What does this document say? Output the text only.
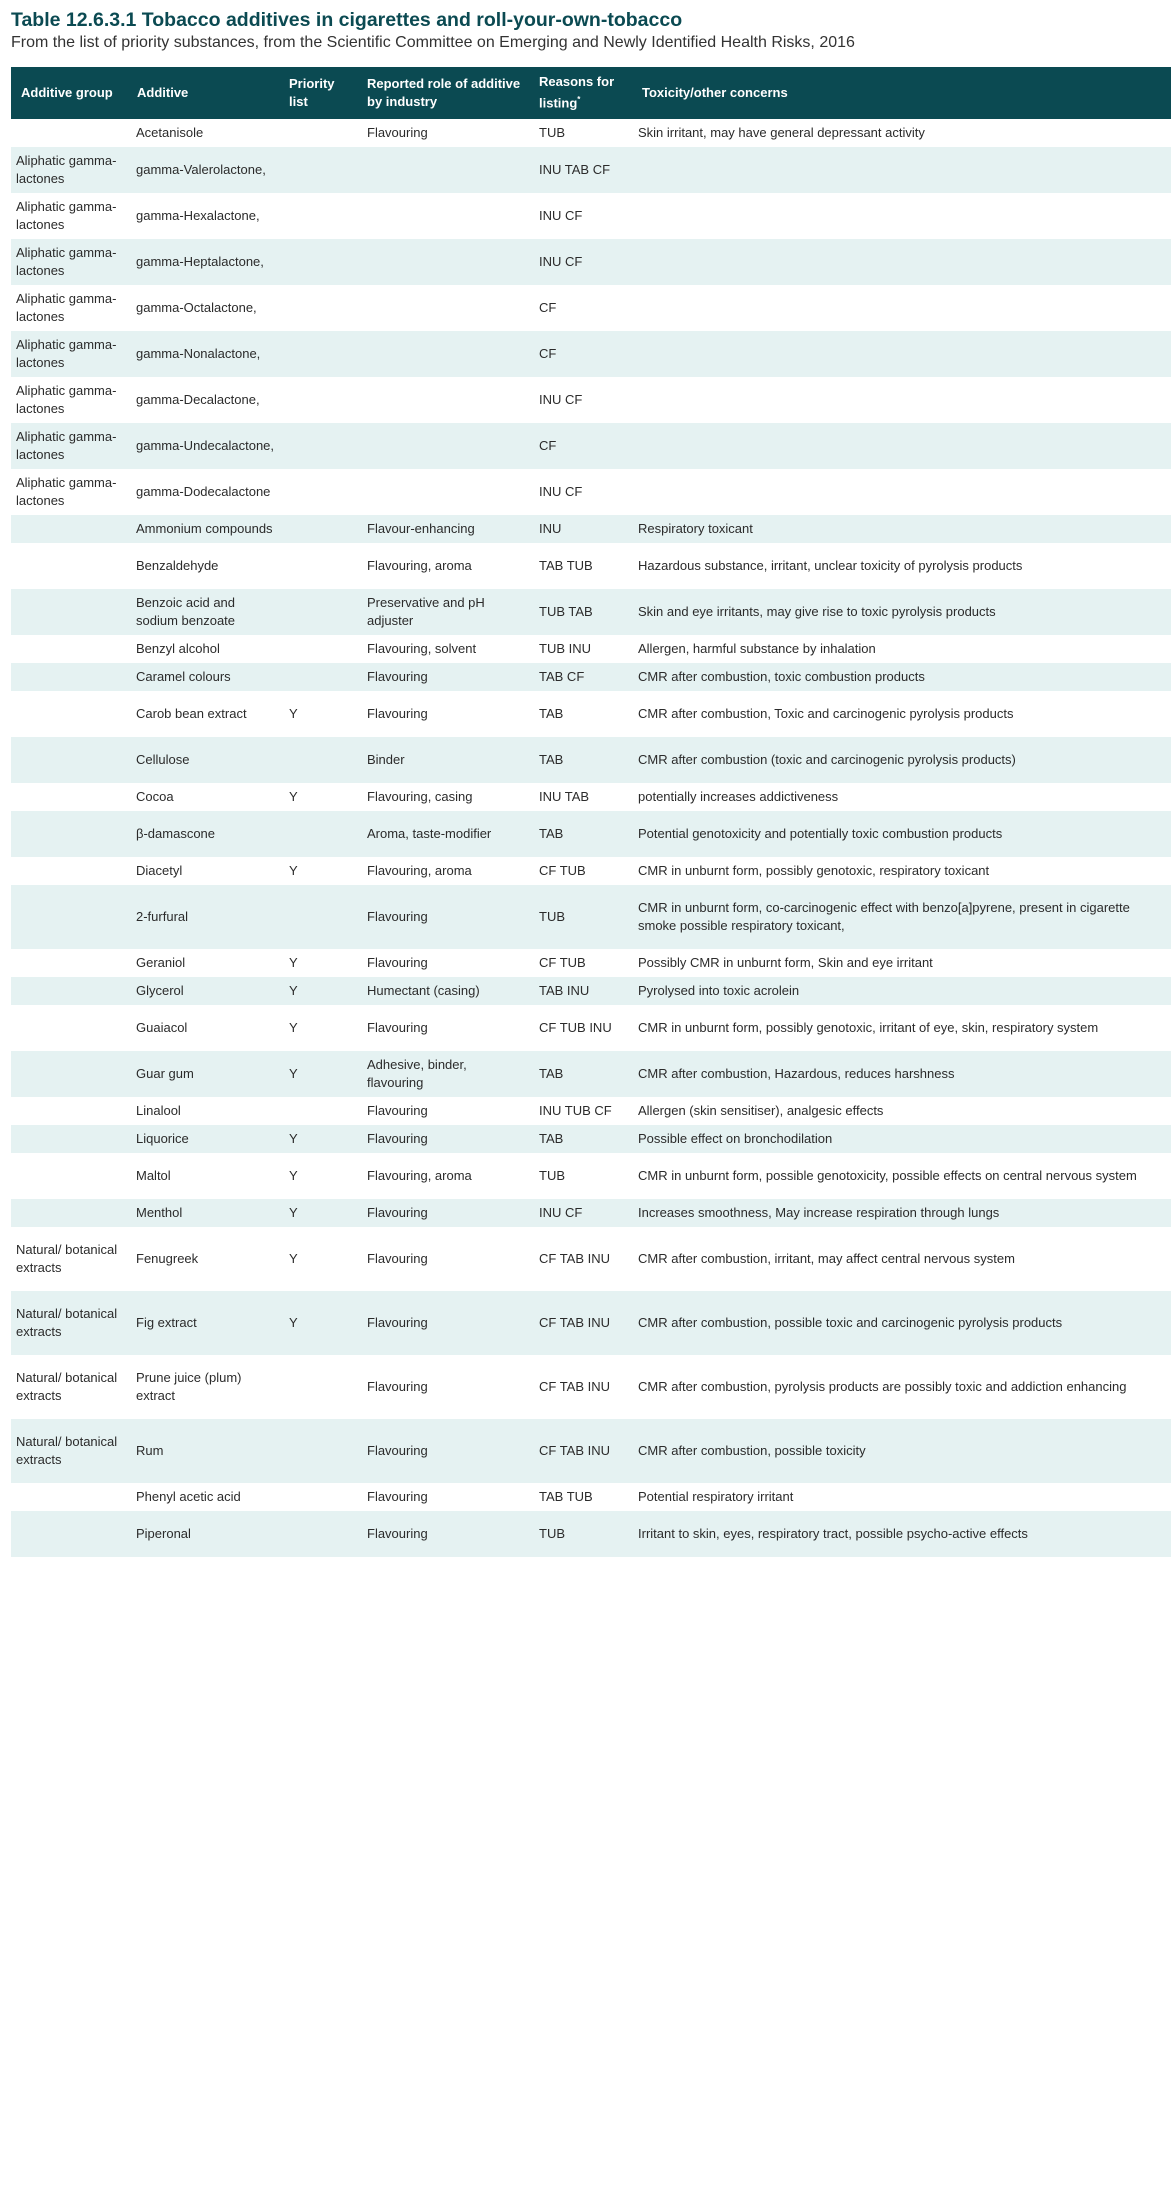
Table 12.6.3.1 Tobacco additives in cigarettes and roll-your-own-tobacco

From the list of priority substances, from the Scientific Committee on Emerging and Newly Identified Health Risks, 2016

Additive group	Additive	Priority list	Reported role of additive by industry	Reasons for listing*	Toxicity/other concerns
	Acetanisole		Flavouring	TUB	Skin irritant, may have general depressant activity
Aliphatic gamma-lactones	gamma-Valerolactone,			INU TAB CF	
Aliphatic gamma-lactones	gamma-Hexalactone,			INU CF	
Aliphatic gamma-lactones	gamma-Heptalactone,			INU CF	
Aliphatic gamma-lactones	gamma-Octalactone,			CF	
Aliphatic gamma-lactones	gamma-Nonalactone,			CF	
Aliphatic gamma-lactones	gamma-Decalactone,			INU CF	
Aliphatic gamma-lactones	gamma-Undecalactone,			CF	
Aliphatic gamma-lactones	gamma-Dodecalactone			INU CF	
	Ammonium compounds		Flavour-enhancing	INU	Respiratory toxicant
	Benzaldehyde		Flavouring, aroma	TAB TUB	Hazardous substance, irritant, unclear toxicity of pyrolysis products
	Benzoic acid and sodium benzoate		Preservative and pH adjuster	TUB TAB	Skin and eye irritants, may give rise to toxic pyrolysis products
	Benzyl alcohol		Flavouring, solvent	TUB INU	Allergen, harmful substance by inhalation
	Caramel colours		Flavouring	TAB CF	CMR after combustion, toxic combustion products
	Carob bean extract	Y	Flavouring	TAB	CMR after combustion, Toxic and carcinogenic pyrolysis products
	Cellulose		Binder	TAB	CMR after combustion (toxic and carcinogenic pyrolysis products)
	Cocoa	Y	Flavouring, casing	INU TAB	potentially increases addictiveness
	β-damascone		Aroma, taste-modifier	TAB	Potential genotoxicity and potentially toxic combustion products
	Diacetyl	Y	Flavouring, aroma	CF TUB	CMR in unburnt form, possibly genotoxic, respiratory toxicant
	2-furfural		Flavouring	TUB	CMR in unburnt form, co-carcinogenic effect with benzo[a]pyrene, present in cigarette smoke possible respiratory toxicant,
	Geraniol	Y	Flavouring	CF TUB	Possibly CMR in unburnt form, Skin and eye irritant
	Glycerol	Y	Humectant (casing)	TAB INU	Pyrolysed into toxic acrolein
	Guaiacol	Y	Flavouring	CF TUB INU	CMR in unburnt form, possibly genotoxic, irritant of eye, skin, respiratory system
	Guar gum	Y	Adhesive, binder, flavouring	TAB	CMR after combustion, Hazardous, reduces harshness
	Linalool		Flavouring	INU TUB CF	Allergen (skin sensitiser), analgesic effects
	Liquorice	Y	Flavouring	TAB	Possible effect on bronchodilation
	Maltol	Y	Flavouring, aroma	TUB	CMR in unburnt form, possible genotoxicity, possible effects on central nervous system
	Menthol	Y	Flavouring	INU CF	Increases smoothness, May increase respiration through lungs
Natural/ botanical extracts	Fenugreek	Y	Flavouring	CF TAB INU	CMR after combustion, irritant, may affect central nervous system
Natural/ botanical extracts	Fig extract	Y	Flavouring	CF TAB INU	CMR after combustion, possible toxic and carcinogenic pyrolysis products
Natural/ botanical extracts	Prune juice (plum) extract		Flavouring	CF TAB INU	CMR after combustion, pyrolysis products are possibly toxic and addiction enhancing
Natural/ botanical extracts	Rum		Flavouring	CF TAB INU	CMR after combustion, possible toxicity
	Phenyl acetic acid		Flavouring	TAB TUB	Potential respiratory irritant
	Piperonal		Flavouring	TUB	Irritant to skin, eyes, respiratory tract, possible psycho-active effects
